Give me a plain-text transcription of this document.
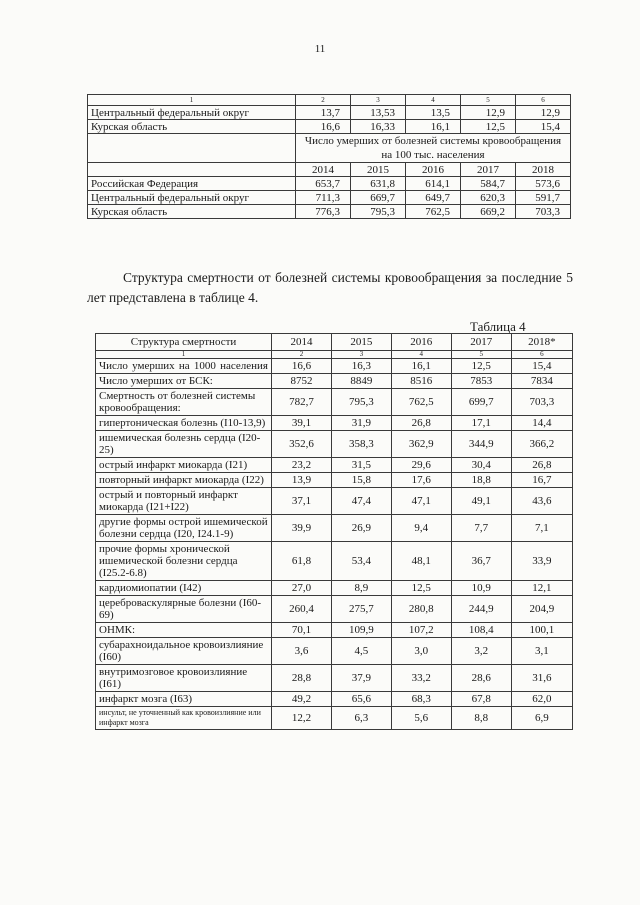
11
1	2	3	4	5	6
Центральный федеральный округ	13,7	13,53	13,5	12,9	12,9
Курская область	16,6	16,33	16,1	12,5	15,4
	Число умерших от болезней системы кровообращения на 100 тыс. населения				
	2014	2015	2016	2017	2018
Российская Федерация	653,7	631,8	614,1	584,7	573,6
Центральный федеральный округ	711,3	669,7	649,7	620,3	591,7
Курская область	776,3	795,3	762,5	669,2	703,3

Структура смертности от болезней системы кровообращения за последние 5 лет представлена в таблице 4.

Таблица 4
Структура смертности	2014	2015	2016	2017	2018*
1	2	3	4	5	6
Число умерших на 1000 населения	16,6	16,3	16,1	12,5	15,4
Число умерших от БСК:	8752	8849	8516	7853	7834
Смертность от болезней системы кровообращения:	782,7	795,3	762,5	699,7	703,3
гипертоническая болезнь (I10-13,9)	39,1	31,9	26,8	17,1	14,4
ишемическая болезнь сердца (I20-25)	352,6	358,3	362,9	344,9	366,2
острый инфаркт миокарда (I21)	23,2	31,5	29,6	30,4	26,8
повторный инфаркт миокарда (I22)	13,9	15,8	17,6	18,8	16,7
острый и повторный инфаркт миокарда (I21+I22)	37,1	47,4	47,1	49,1	43,6
другие формы острой ишемической болезни сердца (I20, I24.1-9)	39,9	26,9	9,4	7,7	7,1
прочие формы хронической ишемической болезни сердца (I25.2-6.8)	61,8	53,4	48,1	36,7	33,9
кардиомиопатии (I42)	27,0	8,9	12,5	10,9	12,1
цереброваскулярные болезни (I60-69)	260,4	275,7	280,8	244,9	204,9
ОНМК:	70,1	109,9	107,2	108,4	100,1
субарахноидальное кровоизлияние (I60)	3,6	4,5	3,0	3,2	3,1
внутримозговое кровоизлияние (I61)	28,8	37,9	33,2	28,6	31,6
инфаркт мозга (I63)	49,2	65,6	68,3	67,8	62,0
инсульт, не уточненный как кровоизлияние или инфаркт мозга	12,2	6,3	5,6	8,8	6,9
